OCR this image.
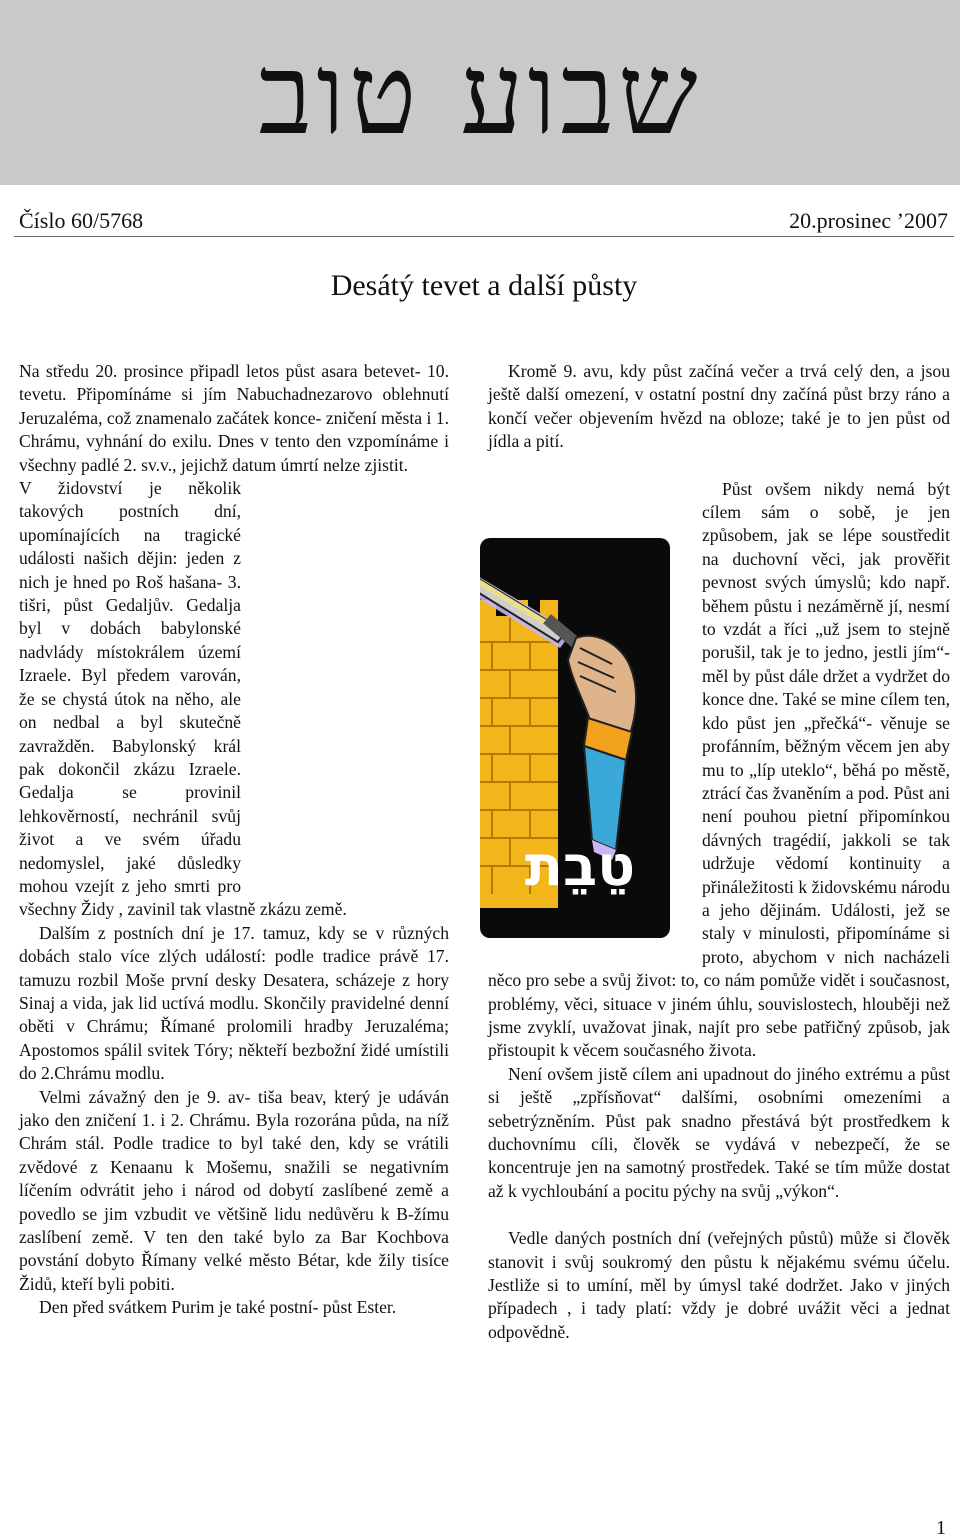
שבוע טוב
Číslo 60/5768	20.prosinec ’2007
Desátý tevet a další půsty

Na středu 20. prosince připadl letos půst asara betevet- 10. tevetu. Připomínáme si jím Nabuchadnezarovo oblehnutí Jeruzaléma, což znamenalo začátek konce- zničení města i 1. Chrámu, vyhnání do exilu. Dnes v tento den vzpomínáme i všechny padlé 2. sv.v., jejichž datum úmrtí nelze zjistit.

V židovství je několik takových postních dní, upomínajících na tragické události našich dějin: jeden z nich je hned po Roš hašana- 3. tišri, půst Gedaljův. Gedalja byl v dobách babylonské nadvlády místokrálem území Izraele. Byl předem varován, že se chystá útok na něho, ale on nedbal a byl skutečně zavražděn. Babylonský král pak dokončil zkázu Izraele. Gedalja se provinil lehkověrností, nechránil svůj život a ve svém úřadu nedomyslel, jaké důsledky mohou vzejít z jeho smrti pro všechny Židy , zavinil tak vlastně zkázu země.

Dalším z postních dní je 17. tamuz, kdy se v různých dobách stalo více zlých událostí: podle tradice právě 17. tamuzu rozbil Moše první desky Desatera, scházeje z hory Sinaj a vida, jak lid uctívá modlu. Skončily pravidelné denní oběti v Chrámu; Římané prolomili hradby Jeruzaléma; Apostomos spálil svitek Tóry; někteří bezbožní židé umístili do 2.Chrámu modlu.

Velmi závažný den je 9. av- tiša beav, který je udáván jako den zničení 1. i 2. Chrámu. Byla rozorána půda, na níž Chrám stál. Podle tradice to byl také den, kdy se vrátili zvědové z Kenaanu k Mošemu, snažili se negativním líčením odvrátit jeho i národ od dobytí zaslíbené země a povedlo se jim vzbudit ve většině lidu nedůvěru k B-žímu zaslíbení země. V ten den také bylo za Bar Kochbova povstání dobyto Římany velké město Bétar, kde žily tisíce Židů, kteří byli pobiti.

Den před svátkem Purim je také postní- půst Ester.

Kromě 9. avu, kdy půst začíná večer a trvá celý den, a jsou ještě další omezení, v ostatní postní dny začíná půst brzy ráno a končí večer objevením hvězd na obloze; také je to jen půst od jídla a pití.

Půst ovšem nikdy nemá být cílem sám o sobě, je jen způsobem, jak se lépe soustředit na duchovní věci, jak prověřit pevnost svých úmyslů; kdo např. během půstu i nezáměrně jí, nesmí to vzdát a říci „už jsem to stejně porušil, tak je to jedno, jestli jím“- měl by půst dále držet a vydržet do konce dne. Také se mine cílem ten, kdo půst jen „přečká“- věnuje se profánním, běžným věcem jen aby mu to „líp uteklo“, běhá po městě, ztrácí čas žvaněním a pod. Půst ani není pouhou pietní připomínkou dávných tragédií, jakkoli se tak udržuje vědomí kontinuity a přináležitosti k židovskému národu a jeho dějinám. Události, jež se staly v minulosti, připomínáme si proto, abychom v nich nacházeli něco pro sebe a svůj život: to, co nám pomůže vidět i současnost, problémy, věci, situace v jiném úhlu, souvislostech, hlouběji než jsme zvyklí, uvažovat jinak, najít pro sebe patřičný způsob, jak přistoupit k věcem současného života.

Není ovšem jistě cílem ani upadnout do jiného extrému a půst si ještě „zpřísňovat“ dalšími, osobními omezeními a sebetrýzněním. Půst pak snadno přestává být prostředkem k duchovnímu cíli, člověk se vydává v nebezpečí, že se koncentruje jen na samotný prostředek. Také se tím může dostat až k vychloubání a pocitu pýchy na svůj „výkon“.

Vedle daných postních dní (veřejných půstů) může si člověk stanovit i svůj soukromý den půstu k nějakému svému účelu. Jestliže si to umíní, měl by úmysl také dodržet. Jako v jiných případech , i tady platí: vždy je dobré uvážit věci a jednat odpovědně.

טֵבֵת
1
